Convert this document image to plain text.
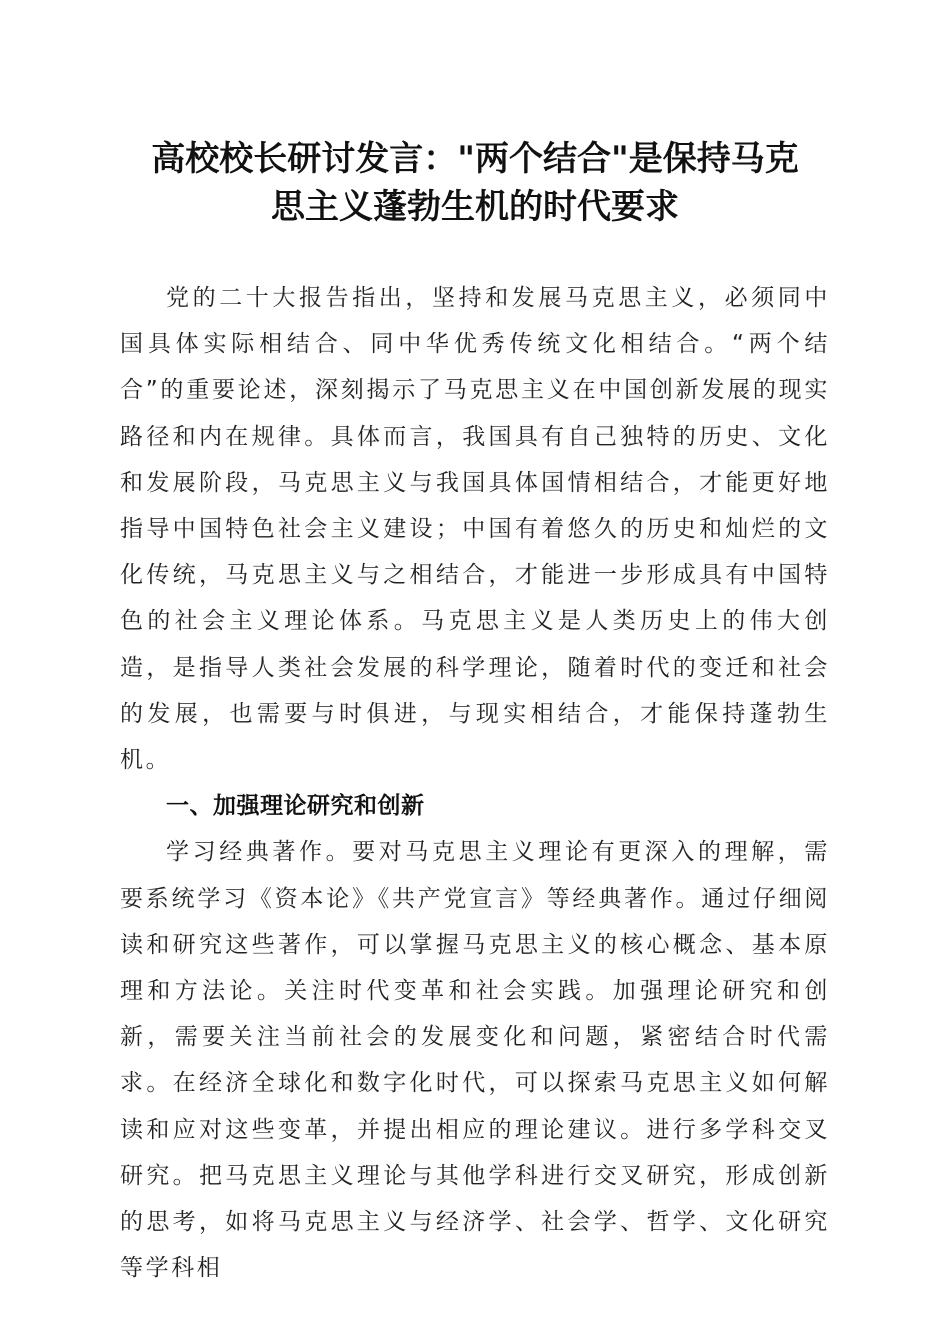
高校校长研讨发言："两个结合"是保持马克
思主义蓬勃生机的时代要求

党的二十大报告指出，坚持和发展马克思主义，必须同中国具体实际相结合、同中华优秀传统文化相结合。“两个结合”的重要论述，深刻揭示了马克思主义在中国创新发展的现实路径和内在规律。具体而言，我国具有自己独特的历史、文化和发展阶段，马克思主义与我国具体国情相结合，才能更好地指导中国特色社会主义建设；中国有着悠久的历史和灿烂的文化传统，马克思主义与之相结合，才能进一步形成具有中国特色的社会主义理论体系。马克思主义是人类历史上的伟大创造，是指导人类社会发展的科学理论，随着时代的变迁和社会的发展，也需要与时俱进，与现实相结合，才能保持蓬勃生机。

一、加强理论研究和创新

学习经典著作。要对马克思主义理论有更深入的理解，需要系统学习《资本论》《共产党宣言》等经典著作。通过仔细阅读和研究这些著作，可以掌握马克思主义的核心概念、基本原理和方法论。关注时代变革和社会实践。加强理论研究和创新，需要关注当前社会的发展变化和问题，紧密结合时代需求。在经济全球化和数字化时代，可以探索马克思主义如何解读和应对这些变革，并提出相应的理论建议。进行多学科交叉研究。把马克思主义理论与其他学科进行交叉研究，形成创新的思考，如将马克思主义与经济学、社会学、哲学、文化研究等学科相
